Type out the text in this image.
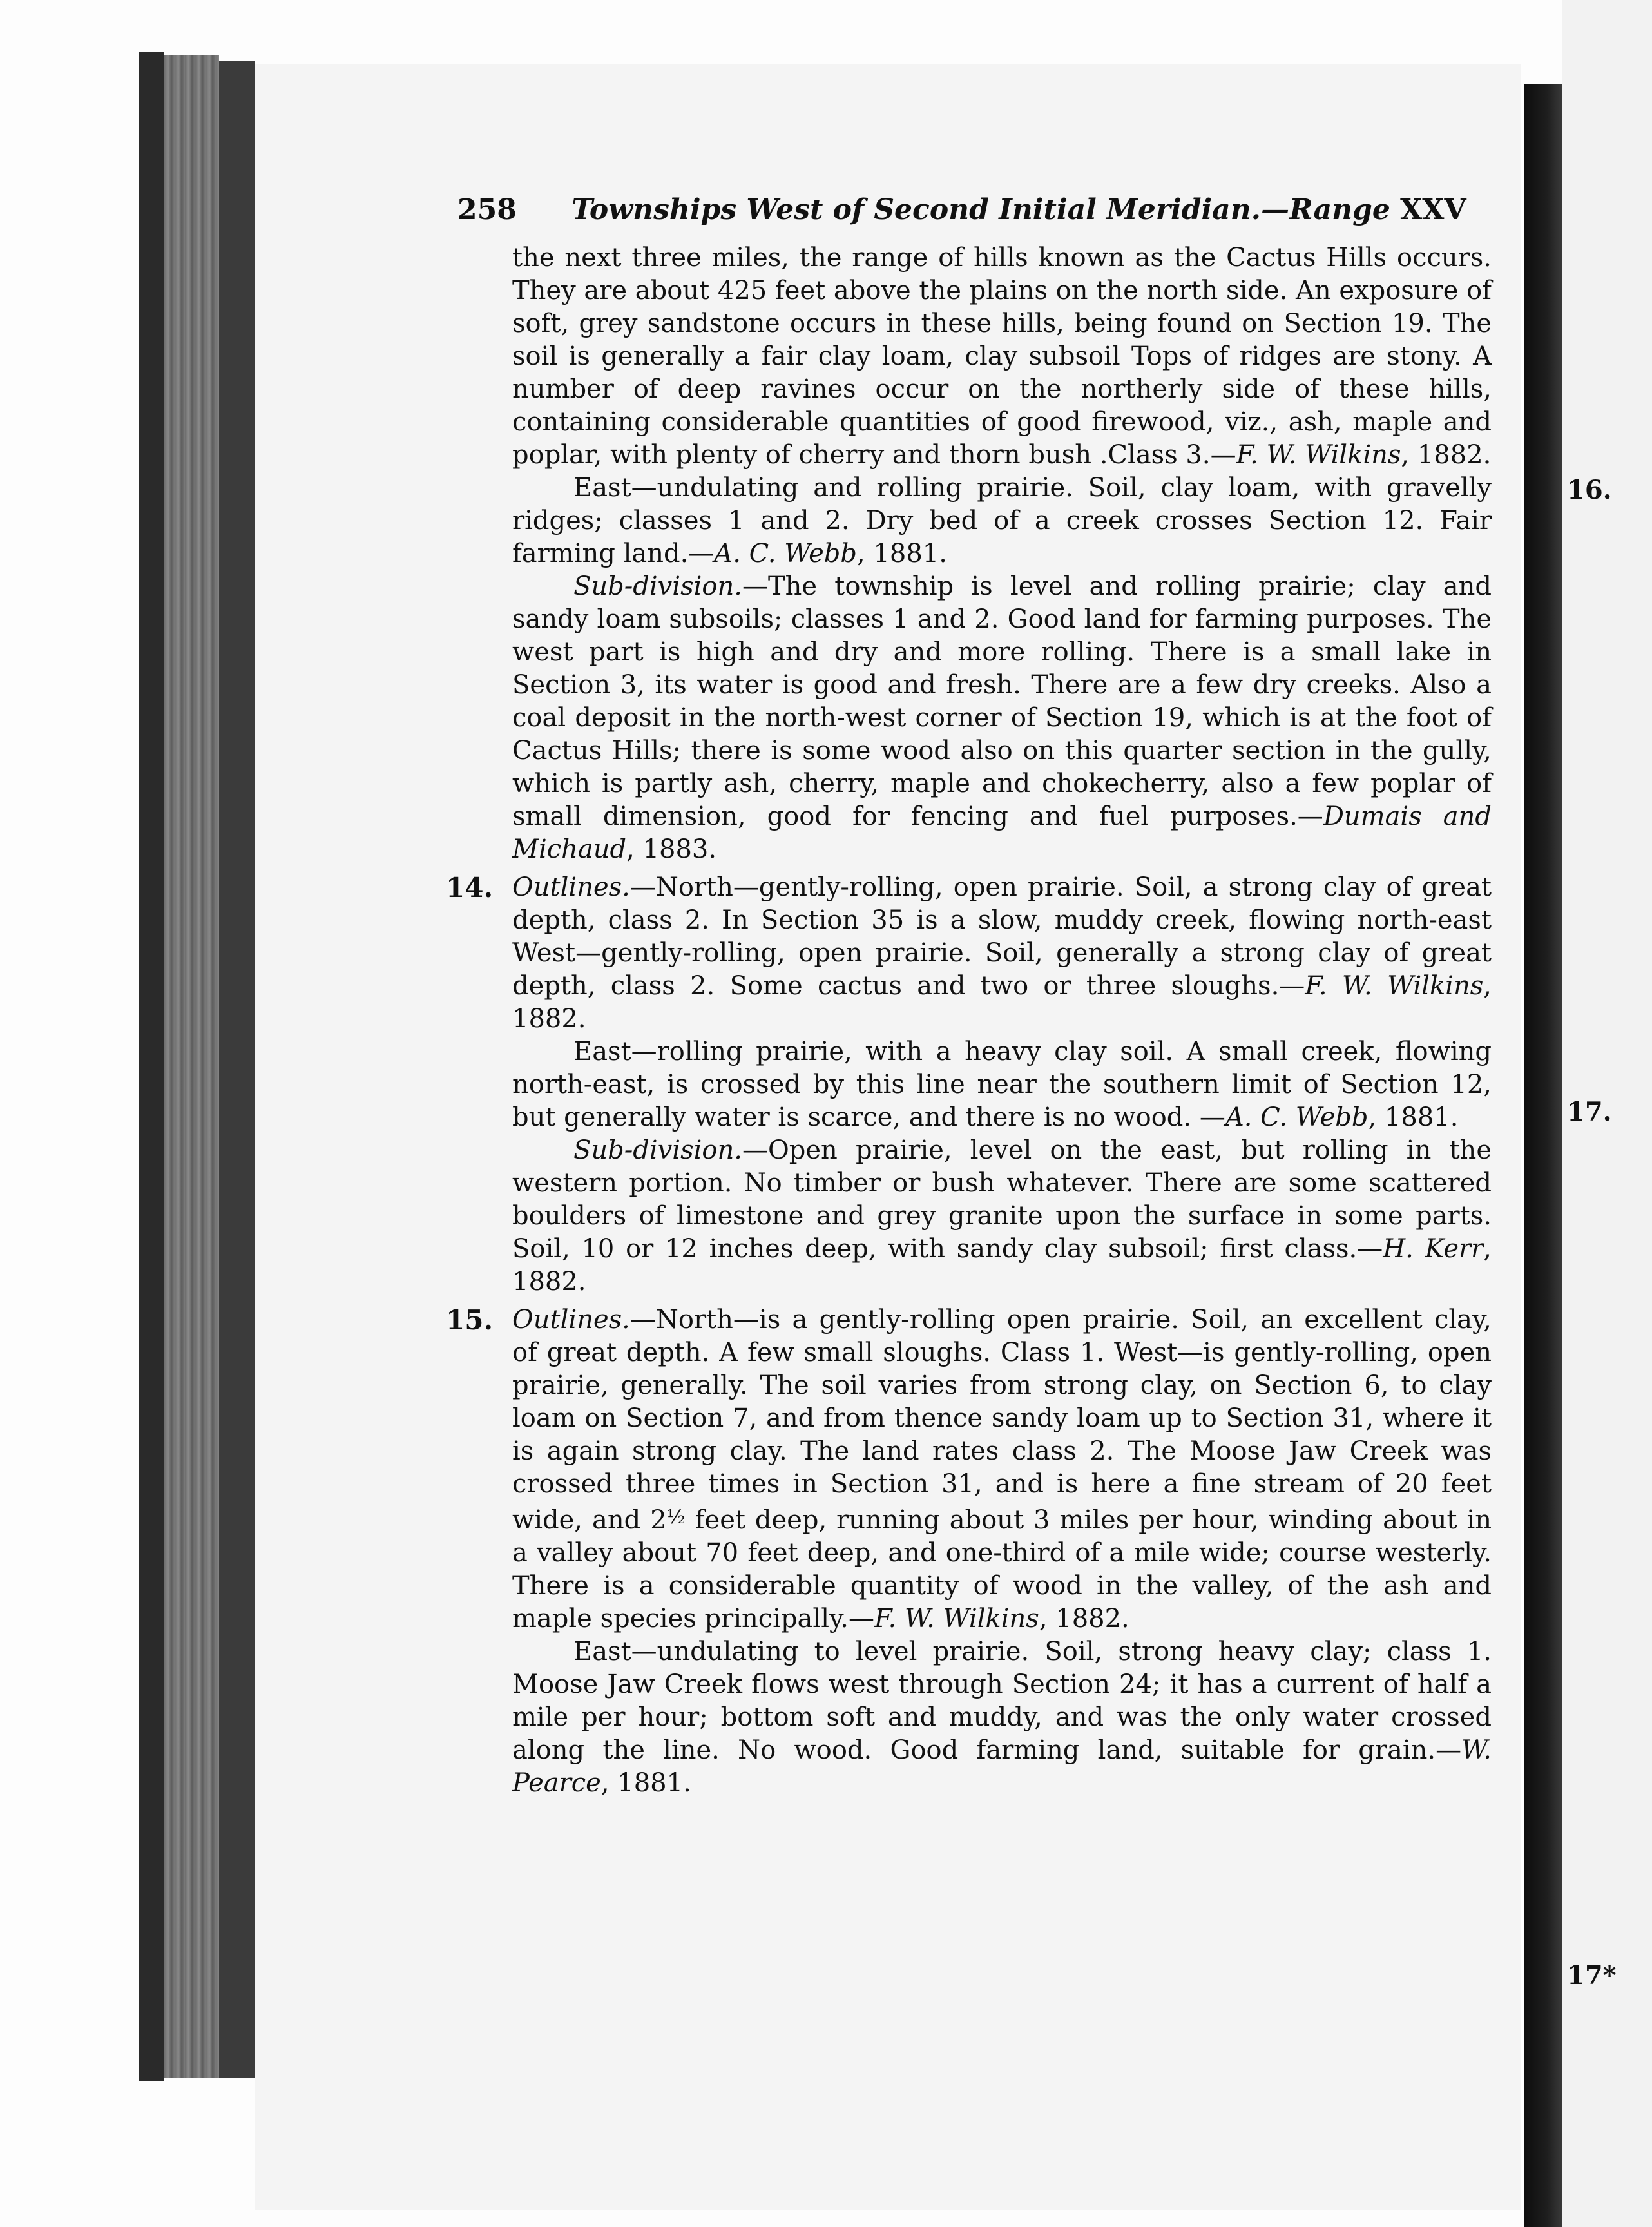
258 Townships West of Second Initial Meridian.—Range XXV

the next three miles, the range of hills known as the Cactus Hills occurs. They are about 425 feet above the plains on the north side. An exposure of soft, grey sandstone occurs in these hills, being found on Section 19. The soil is generally a fair clay loam, clay subsoil Tops of ridges are stony. A number of deep ravines occur on the northerly side of these hills, containing considerable quantities of good firewood, viz., ash, maple and poplar, with plenty of cherry and thorn bush .Class 3.—F. W. Wilkins, 1882.

East—undulating and rolling prairie. Soil, clay loam, with gravelly ridges; classes 1 and 2. Dry bed of a creek crosses Section 12. Fair farming land.—A. C. Webb, 1881.

Sub-division.—The township is level and rolling prairie; clay and sandy loam subsoils; classes 1 and 2. Good land for farming purposes. The west part is high and dry and more rolling. There is a small lake in Section 3, its water is good and fresh. There are a few dry creeks. Also a coal deposit in the north-west corner of Section 19, which is at the foot of Cactus Hills; there is some wood also on this quarter section in the gully, which is partly ash, cherry, maple and chokecherry, also a few poplar of small dimension, good for fencing and fuel purposes.—Dumais and Michaud, 1883.

14. Outlines.—North—gently-rolling, open prairie. Soil, a strong clay of great depth, class 2. In Section 35 is a slow, muddy creek, flowing north-east West—gently-rolling, open prairie. Soil, generally a strong clay of great depth, class 2. Some cactus and two or three sloughs.—F. W. Wilkins, 1882.

East—rolling prairie, with a heavy clay soil. A small creek, flowing north-east, is crossed by this line near the southern limit of Section 12, but generally water is scarce, and there is no wood. —A. C. Webb, 1881.

Sub-division.—Open prairie, level on the east, but rolling in the western portion. No timber or bush whatever. There are some scattered boulders of limestone and grey granite upon the surface in some parts. Soil, 10 or 12 inches deep, with sandy clay subsoil; first class.—H. Kerr, 1882.

15. Outlines.—North—is a gently-rolling open prairie. Soil, an excellent clay, of great depth. A few small sloughs. Class 1. West—is gently-rolling, open prairie, generally. The soil varies from strong clay, on Section 6, to clay loam on Section 7, and from thence sandy loam up to Section 31, where it is again strong clay. The land rates class 2. The Moose Jaw Creek was crossed three times in Section 31, and is here a fine stream of 20 feet wide, and $2^{\frac{1}{2}}$ feet deep, running about 3 miles per hour, winding about in a valley about 70 feet deep, and one-third of a mile wide; course westerly. There is a considerable quantity of wood in the valley, of the ash and maple species principally.—F. W. Wilkins, 1882.

East—undulating to level prairie. Soil, strong heavy clay; class 1. Moose Jaw Creek flows west through Section 24; it has a current of half a mile per hour; bottom soft and muddy, and was the only water crossed along the line. No wood. Good farming land, suitable for grain.—W. Pearce, 1881.

16.
17.
17*
